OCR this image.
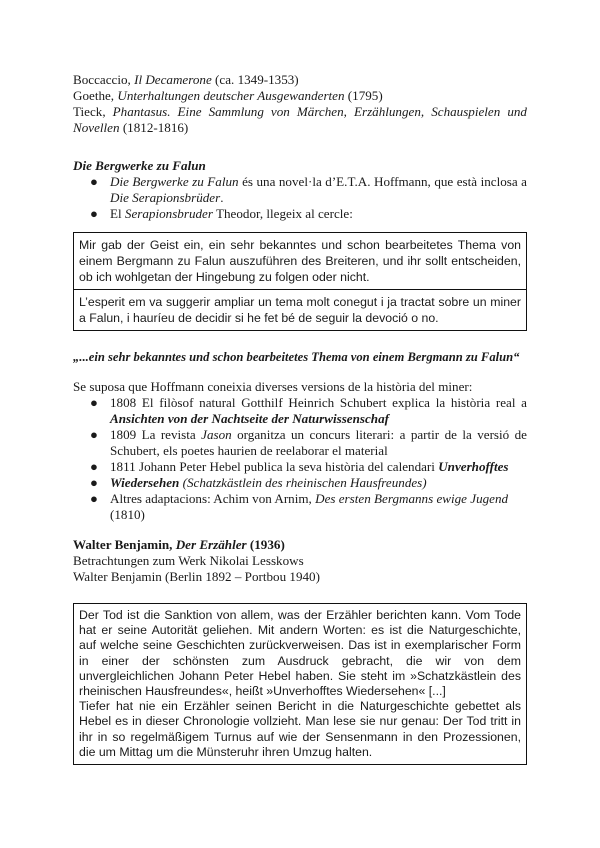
Boccaccio, Il Decamerone (ca. 1349-1353)

Goethe, Unterhaltungen deutscher Ausgewanderten (1795)

Tieck, Phantasus. Eine Sammlung von Märchen, Erzählungen, Schauspielen und Novellen (1812-1816)

Die Bergwerke zu Falun

● Die Bergwerke zu Falun és una novel·la d’E.T.A. Hoffmann, que està inclosa a Die Serapionsbrüder.
● El Serapionsbruder Theodor, llegeix al cercle:
Mir gab der Geist ein, ein sehr bekanntes und schon bearbeitetes Thema von einem Bergmann zu Falun auszuführen des Breiteren, und ihr sollt entscheiden, ob ich wohlgetan der Hingebung zu folgen oder nicht.
L’esperit em va suggerir ampliar un tema molt conegut i ja tractat sobre un miner a Falun, i hauríeu de decidir si he fet bé de seguir la devoció o no.

„...ein sehr bekanntes und schon bearbeitetes Thema von einem Bergmann zu Falun“

Se suposa que Hoffmann coneixia diverses versions de la història del miner:

● 1808 El filòsof natural Gotthilf Heinrich Schubert explica la història real a Ansichten von der Nachtseite der Naturwissenschaf
● 1809 La revista Jason organitza un concurs literari: a partir de la versió de Schubert, els poetes haurien de reelaborar el material
● 1811 Johann Peter Hebel publica la seva història del calendari Unverhofftes
● Wiedersehen (Schatzkästlein des rheinischen Hausfreundes)
● Altres adaptacions: Achim von Arnim, Des ersten Bergmanns ewige Jugend (1810)

Walter Benjamin, Der Erzähler (1936)

Betrachtungen zum Werk Nikolai Lesskows

Walter Benjamin (Berlin 1892 – Portbou 1940)

Der Tod ist die Sanktion von allem, was der Erzähler berichten kann. Vom Tode hat er seine Autorität geliehen. Mit andern Worten: es ist die Naturgeschichte, auf welche seine Geschichten zurückverweisen. Das ist in exemplarischer Form in einer der schönsten zum Ausdruck gebracht, die wir von dem unvergleichlichen Johann Peter Hebel haben. Sie steht im »Schatzkästlein des rheinischen Hausfreundes«, heißt »Unverhofftes Wiedersehen« [...]

Tiefer hat nie ein Erzähler seinen Bericht in die Naturgeschichte gebettet als Hebel es in dieser Chronologie vollzieht. Man lese sie nur genau: Der Tod tritt in ihr in so regelmäßigem Turnus auf wie der Sensenmann in den Prozessionen, die um Mittag um die Münsteruhr ihren Umzug halten.
